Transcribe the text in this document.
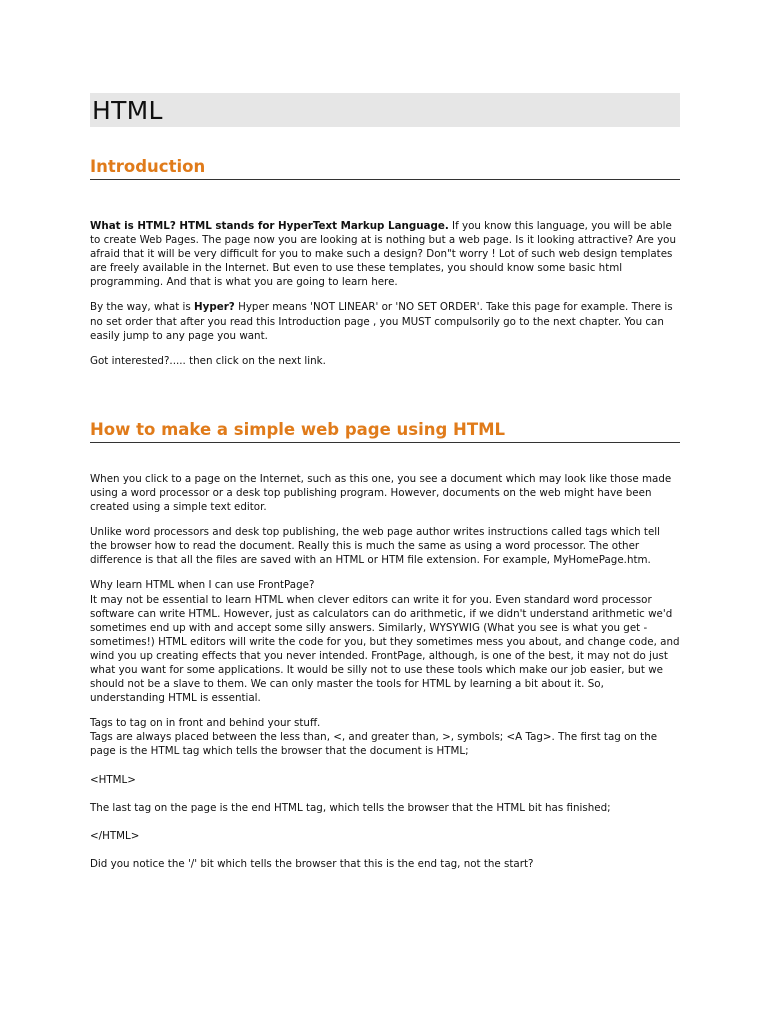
HTML
Introduction

What is HTML? HTML stands for HyperText Markup Language. If you know this language, you will be able to create Web Pages. The page now you are looking at is nothing but a web page. Is it looking attractive? Are you afraid that it will be very difficult for you to make such a design? Don"t worry ! Lot of such web design templates are freely available in the Internet. But even to use these templates, you should know some basic html programming. And that is what you are going to learn here.

By the way, what is Hyper? Hyper means 'NOT LINEAR' or 'NO SET ORDER'. Take this page for example. There is no set order that after you read this Introduction page , you MUST compulsorily go to the next chapter. You can easily jump to any page you want.

Got interested?..... then click on the next link.

How to make a simple web page using HTML

When you click to a page on the Internet, such as this one, you see a document which may look like those made using a word processor or a desk top publishing program. However, documents on the web might have been created using a simple text editor.

Unlike word processors and desk top publishing, the web page author writes instructions called tags which tell the browser how to read the document. Really this is much the same as using a word processor. The other difference is that all the files are saved with an HTML or HTM file extension. For example, MyHomePage.htm.

Why learn HTML when I can use FrontPage?
It may not be essential to learn HTML when clever editors can write it for you. Even standard word processor software can write HTML. However, just as calculators can do arithmetic, if we didn't understand arithmetic we'd sometimes end up with and accept some silly answers. Similarly, WYSYWIG (What you see is what you get - sometimes!) HTML editors will write the code for you, but they sometimes mess you about, and change code, and wind you up creating effects that you never intended. FrontPage, although, is one of the best, it may not do just what you want for some applications. It would be silly not to use these tools which make our job easier, but we should not be a slave to them. We can only master the tools for HTML by learning a bit about it. So, understanding HTML is essential.

Tags to tag on in front and behind your stuff.
Tags are always placed between the less than, <, and greater than, >, symbols; <A Tag>. The first tag on the page is the HTML tag which tells the browser that the document is HTML;

<HTML>

The last tag on the page is the end HTML tag, which tells the browser that the HTML bit has finished;

</HTML>

Did you notice the '/' bit which tells the browser that this is the end tag, not the start?
